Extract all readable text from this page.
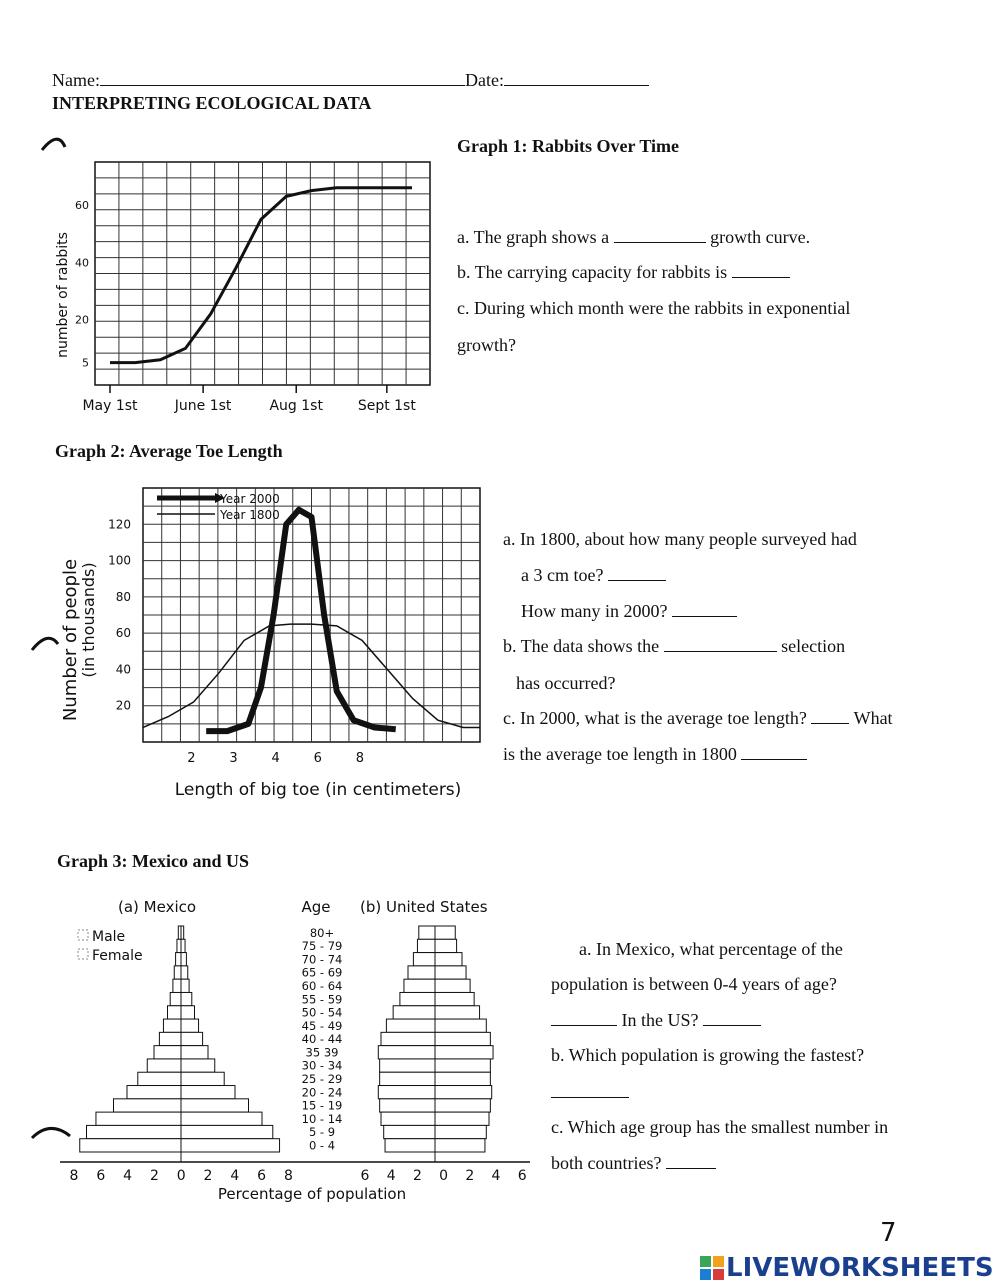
Name:	Date:
INTERPRETING ECOLOGICAL DATA
Graph 1: Rabbits Over Time
number of rabbits
5
20
40
60
May 1st	June 1st	Aug 1st Sept 1st
a. The graph shows a	growth curve.
b. The carrying capacity for rabbits is
c. During which month were the rabbits in exponential
growth?
Graph 2: Average Toe Length
Year 2000
Year 1800
Number of people
(in thousands)
20
40
60
80
100
120
2	3	4	6	8
Length of big toe (in centimeters)
a. In 1800, about how many people surveyed had
a 3 cm toe?
How many in 2000?
b. The data shows the	selection
has occurred?
c. In 2000, what is the average toe length?	What
is the average toe length in 1800
Graph 3: Mexico and US
(a) Mexico	Age (b) United States
Male
Female
80+
75 - 79
70 - 74
65 - 69
60 - 64
55 - 59
50 - 54
45 - 49
40 - 44
35 39
30 - 34
25 - 29
20 - 24
15 - 19
10 - 14
5 - 9
0 - 4
8 6 4 2 0 2 4 6 8	6 4 2 0 2 4 6
Percentage of population
a. In Mexico, what percentage of the
population is between 0-4 years of age?
In the US?
b. Which population is growing the fastest?
c. Which age group has the smallest number in
both countries?
7
LIVEWORKSHEETS
